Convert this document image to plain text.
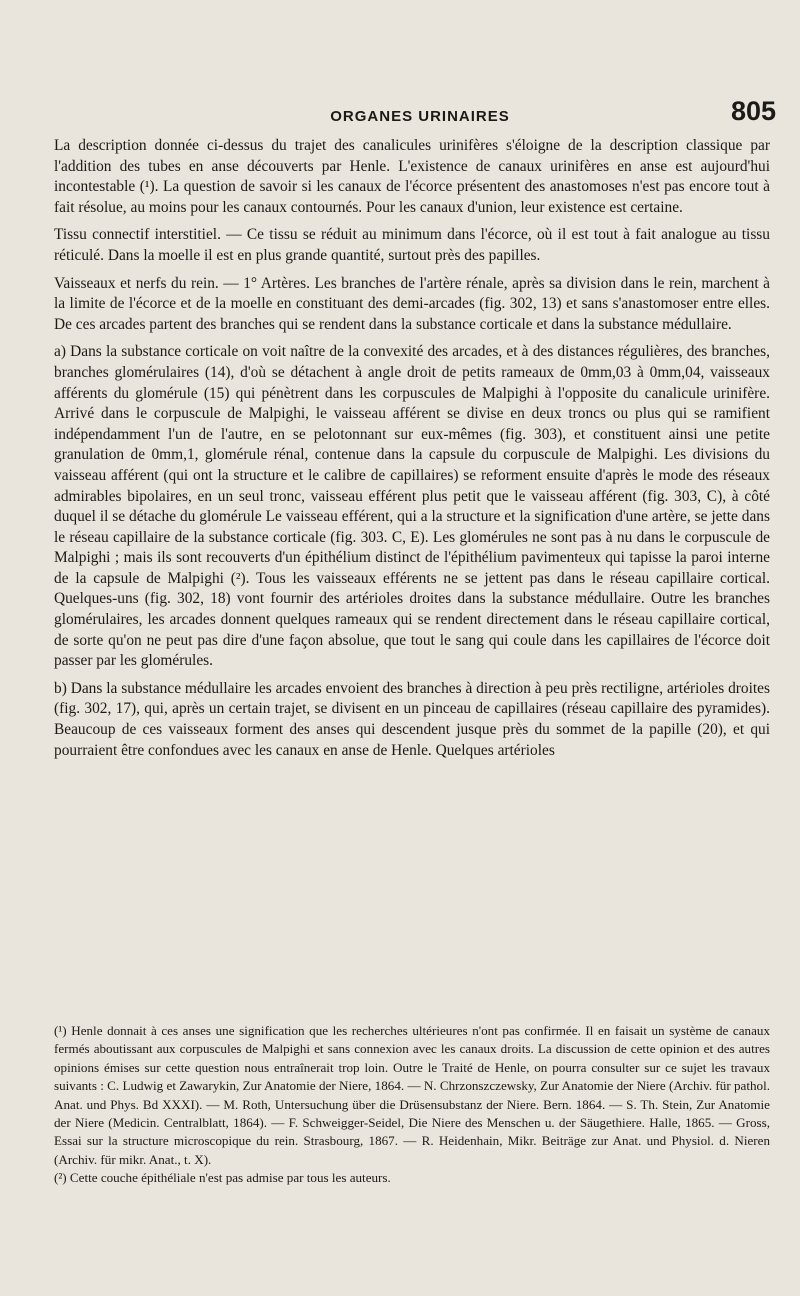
ORGANES URINAIRES	805

La description donnée ci-dessus du trajet des canalicules urinifères s'éloigne de la description classique par l'addition des tubes en anse découverts par Henle. L'existence de canaux urinifères en anse est aujourd'hui incontestable (¹). La question de savoir si les canaux de l'écorce présentent des anastomoses n'est pas encore tout à fait résolue, au moins pour les canaux contournés. Pour les canaux d'union, leur existence est certaine.

Tissu connectif interstitiel. — Ce tissu se réduit au minimum dans l'écorce, où il est tout à fait analogue au tissu réticulé. Dans la moelle il est en plus grande quantité, surtout près des papilles.

Vaisseaux et nerfs du rein. — 1° Artères. Les branches de l'artère rénale, après sa division dans le rein, marchent à la limite de l'écorce et de la moelle en constituant des demi-arcades (fig. 302, 13) et sans s'anastomoser entre elles. De ces arcades partent des branches qui se rendent dans la substance corticale et dans la substance médullaire.

a) Dans la substance corticale on voit naître de la convexité des arcades, et à des distances régulières, des branches, branches glomérulaires (14), d'où se détachent à angle droit de petits rameaux de 0mm,03 à 0mm,04, vaisseaux afférents du glomérule (15) qui pénètrent dans les corpuscules de Malpighi à l'opposite du canalicule urinifère. Arrivé dans le corpuscule de Malpighi, le vaisseau afférent se divise en deux troncs ou plus qui se ramifient indépendamment l'un de l'autre, en se pelotonnant sur eux-mêmes (fig. 303), et constituent ainsi une petite granulation de 0mm,1, glomérule rénal, contenue dans la capsule du corpuscule de Malpighi. Les divisions du vaisseau afférent (qui ont la structure et le calibre de capillaires) se reforment ensuite d'après le mode des réseaux admirables bipolaires, en un seul tronc, vaisseau efférent plus petit que le vaisseau afférent (fig. 303, C), à côté duquel il se détache du glomérule Le vaisseau efférent, qui a la structure et la signification d'une artère, se jette dans le réseau capillaire de la substance corticale (fig. 303. C, E). Les glomérules ne sont pas à nu dans le corpuscule de Malpighi ; mais ils sont recouverts d'un épithélium distinct de l'épithélium pavimenteux qui tapisse la paroi interne de la capsule de Malpighi (²). Tous les vaisseaux efférents ne se jettent pas dans le réseau capillaire cortical. Quelques-uns (fig. 302, 18) vont fournir des artérioles droites dans la substance médullaire. Outre les branches glomérulaires, les arcades donnent quelques rameaux qui se rendent directement dans le réseau capillaire cortical, de sorte qu'on ne peut pas dire d'une façon absolue, que tout le sang qui coule dans les capillaires de l'écorce doit passer par les glomérules.

b) Dans la substance médullaire les arcades envoient des branches à direction à peu près rectiligne, artérioles droites (fig. 302, 17), qui, après un certain trajet, se divisent en un pinceau de capillaires (réseau capillaire des pyramides). Beaucoup de ces vaisseaux forment des anses qui descendent jusque près du sommet de la papille (20), et qui pourraient être confondues avec les canaux en anse de Henle. Quelques artérioles

(¹) Henle donnait à ces anses une signification que les recherches ultérieures n'ont pas confirmée. Il en faisait un système de canaux fermés aboutissant aux corpuscules de Malpighi et sans connexion avec les canaux droits. La discussion de cette opinion et des autres opinions émises sur cette question nous entraînerait trop loin. Outre le Traité de Henle, on pourra consulter sur ce sujet les travaux suivants : C. Ludwig et Zawarykin, Zur Anatomie der Niere, 1864. — N. Chrzonszczewsky, Zur Anatomie der Niere (Archiv. für pathol. Anat. und Phys. Bd XXXI). — M. Roth, Untersuchung über die Drüsensubstanz der Niere. Bern. 1864. — S. Th. Stein, Zur Anatomie der Niere (Medicin. Centralblatt, 1864). — F. Schweigger-Seidel, Die Niere des Menschen u. der Säugethiere. Halle, 1865. — Gross, Essai sur la structure microscopique du rein. Strasbourg, 1867. — R. Heidenhain, Mikr. Beiträge zur Anat. und Physiol. d. Nieren (Archiv. für mikr. Anat., t. X).

(²) Cette couche épithéliale n'est pas admise par tous les auteurs.
